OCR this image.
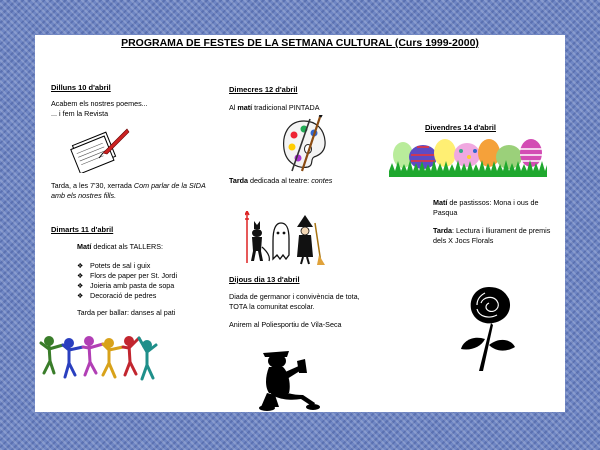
PROGRAMA DE FESTES DE LA SETMANA CULTURAL (Curs 1999-2000)
Dilluns 10 d'abril
Acabem els nostres poemes...
... i fem la Revista
Tarda, a les 7'30, xerrada Com parlar de la SIDA amb els nostres fills.
Dimarts 11 d'abril
Matí dedicat als TALLERS:
❖ Potets de sal i guix
❖ Flors de paper per St. Jordi
❖ Joieria amb pasta de sopa
❖ Decoració de pedres
Tarda per ballar: danses al pati
Dimecres 12 d'abril
Al matí tradicional PINTADA
Tarda dedicada al teatre: contes
Dijous dia 13 d'abril
Diada de germanor i convivència de tota,
TOTA la comunitat escolar.
Anirem al Poliesportiu de Vila-Seca
Divendres 14 d'abril
Matí de pastissos: Mona i ous de Pasqua
Tarda: Lectura i lliurament de premis dels X Jocs Florals
